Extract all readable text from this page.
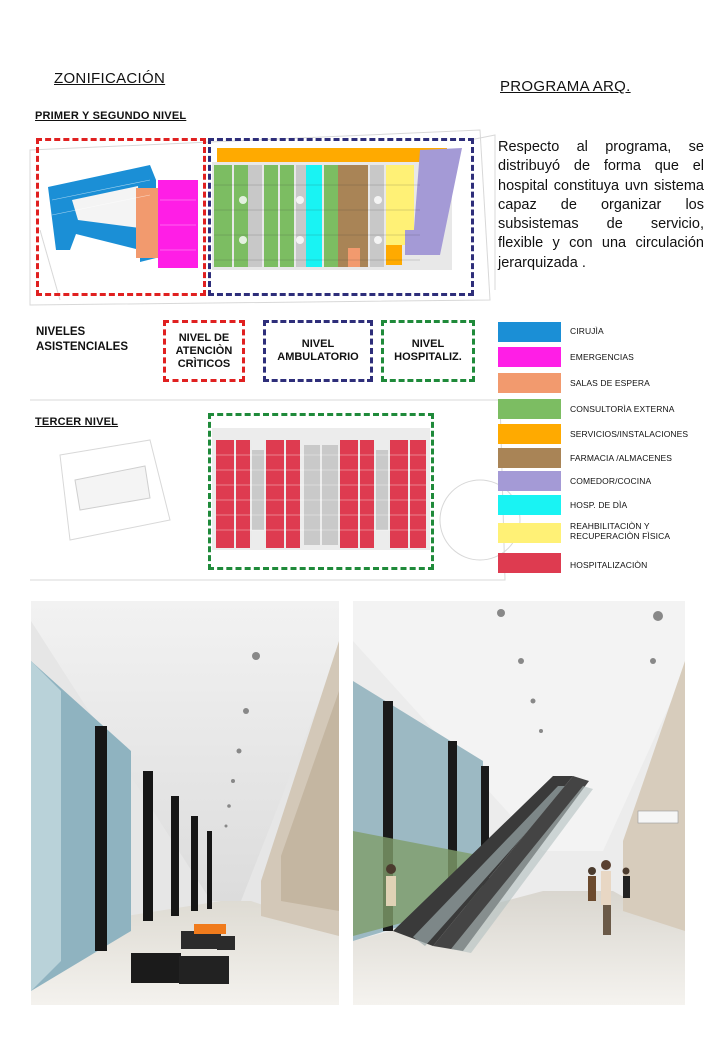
ZONIFICACIÓN	PROGRAMA ARQ.
PRIMER Y SEGUNDO NIVEL
TERCER NIVEL
Respecto al programa, se distribuyó de forma que el hospital constituya uvn sistema capaz de organizar los subsistemas de servicio, flexible y con una circulación jerarquizada .
NIVELES
ASISTENCIALES
NIVEL DE
ATENCIÒN
CRÌTICOS
NIVEL
AMBULATORIO
NIVEL
HOSPITALIZ.
CIRUJÌA
EMERGENCIAS
SALAS DE ESPERA
CONSULTORÌA EXTERNA
SERVICIOS/INSTALACIONES
FARMACIA /ALMACENES
COMEDOR/COCINA
HOSP. DE DÌA
REAHBILITACIÒN Y
RECUPERACIÒN FÌSICA
HOSPITALIZACIÒN
